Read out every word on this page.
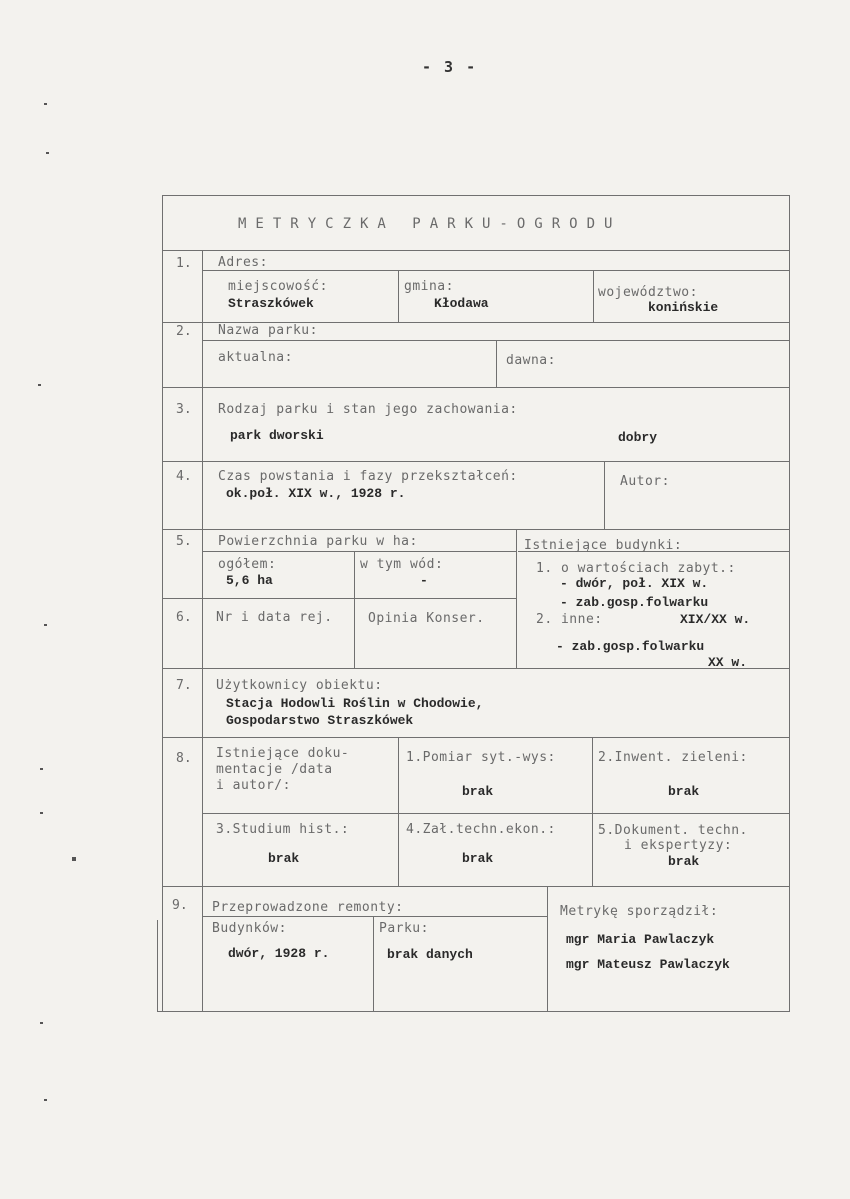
- 3 -
METRYCZKA PARKU-OGRODU
1. Adres:
miejscowość:
Straszkówek
gmina:
Kłodawa
województwo:
konińskie
2. Nazwa parku:
aktualna:	dawna:
3. Rodzaj parku i stan jego zachowania:
park dworski	dobry
4. Czas powstania i fazy przekształceń:
ok.poł. XIX w., 1928 r.
Autor:
5. Powierzchnia parku w ha:
ogółem:
5,6 ha
w tym wód:
-
Istniejące budynki:
1. o wartościach zabyt.:
- dwór, poł. XIX w.
- zab.gosp.folwarku
2. inne:	XIX/XX w.
- zab.gosp.folwarku
XX w.
6. Nr i data rej.	Opinia Konser.
7. Użytkownicy obiektu:
Stacja Hodowli Roślin w Chodowie,
Gospodarstwo Straszkówek
8. Istniejące doku-
mentacje /data
i autor/:
1.Pomiar syt.-wys:
brak
2.Inwent. zieleni:
brak
3.Studium hist.:
brak
4.Zał.techn.ekon.:
brak
5.Dokument. techn.
i ekspertyzy:
brak
9. Przeprowadzone remonty:
Budynków:
dwór, 1928 r.
Parku:
brak danych
Metrykę sporządził:
mgr Maria Pawlaczyk
mgr Mateusz Pawlaczyk
